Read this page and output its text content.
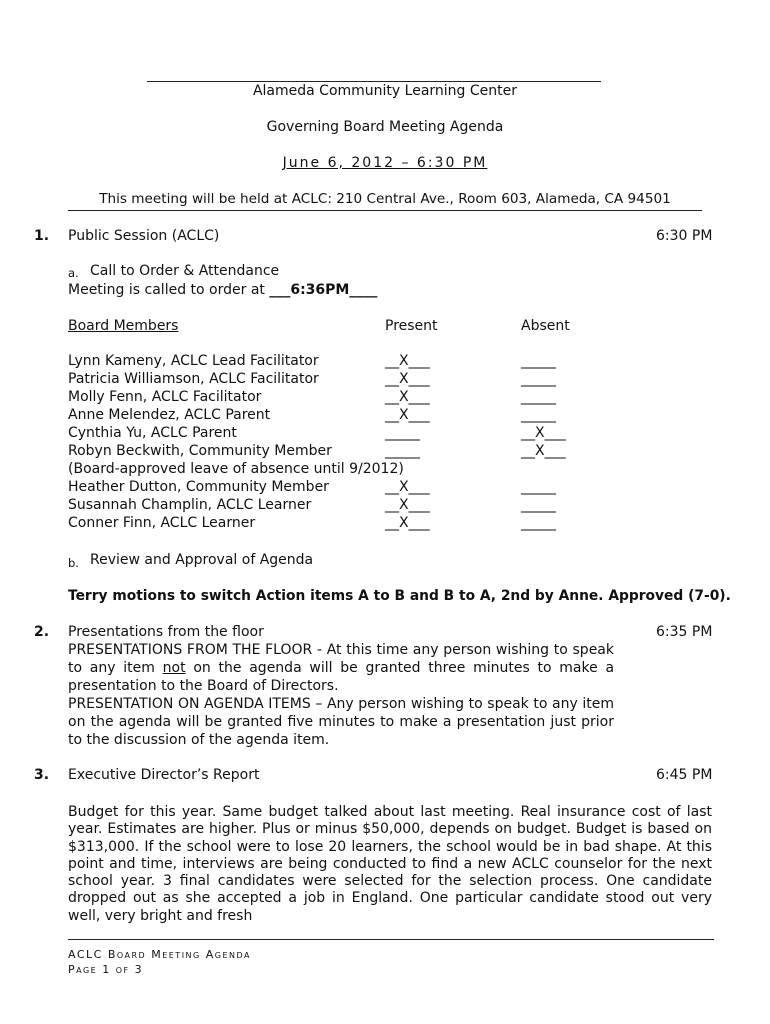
Alameda Community Learning Center
Governing Board Meeting Agenda
June 6, 2012 – 6:30 PM
This meeting will be held at ACLC: 210 Central Ave., Room 603, Alameda, CA 94501
1. Public Session (ACLC)	6:30 PM
a. Call to Order & Attendance
Meeting is called to order at ___6:36PM____
Board Members	Present	Absent
Lynn Kameny, ACLC Lead Facilitator	__X___	_____
Patricia Williamson, ACLC Facilitator	__X___	_____
Molly Fenn, ACLC Facilitator	__X___	_____
Anne Melendez, ACLC Parent	__X___	_____
Cynthia Yu, ACLC Parent	_____	__X___
Robyn Beckwith, Community Member	_____	__X___
(Board-approved leave of absence until 9/2012)
Heather Dutton, Community Member	__X___	_____
Susannah Champlin, ACLC Learner	__X___	_____
Conner Finn, ACLC Learner	__X___	_____
b. Review and Approval of Agenda
Terry motions to switch Action items A to B and B to A, 2nd by Anne. Approved (7-0).
2. Presentations from the floor	6:35 PM

PRESENTATIONS FROM THE FLOOR - At this time any person wishing to speak to any item not on the agenda will be granted three minutes to make a presentation to the Board of Directors.

PRESENTATION ON AGENDA ITEMS – Any person wishing to speak to any item on the agenda will be granted five minutes to make a presentation just prior to the discussion of the agenda item.

3. Executive Director’s Report	6:45 PM
Budget for this year. Same budget talked about last meeting. Real insurance cost of last year. Estimates are higher. Plus or minus $50,000, depends on budget. Budget is based on $313,000. If the school were to lose 20 learners, the school would be in bad shape. At this point and time, interviews are being conducted to find a new ACLC counselor for the next school year. 3 final candidates were selected for the selection process. One candidate dropped out as she accepted a job in England. One particular candidate stood out very well, very bright and fresh
ACLC Board Meeting Agenda
Page 1 of 3
